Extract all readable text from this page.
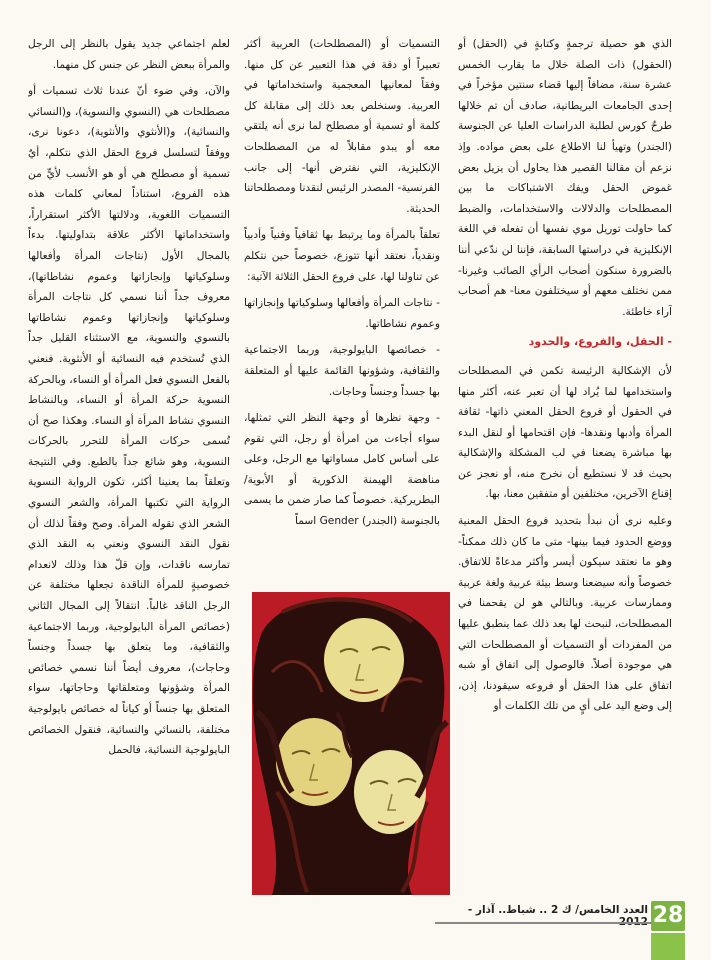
الذي هو حصيلة ترجمةٍ وكتابةٍ في (الحقل) أو (الحقول) ذات الصلة خلال ما يقارب الخمس عشرة سنة، مضافاً إليها قضاء سنتين مؤخراً في إحدى الجامعات البريطانية، صادف أن تم خلالها طرحٌ كورس لطلبة الدراسات العليا عن الجنوسة (الجندر) وتهيأ لنا الاطلاع على بعض مواده. وإذ نزعم أن مقالنا القصير هذا يحاول أن يزيل بعض غموض الحقل ويفك الاشتباكات ما بين المصطلحات والدلالات والاستخدامات، والضبط كما حاولت توريل موي نفسها أن تفعله في اللغة الإنكليزية في دراستها السابقة، فإننا لن ندّعي أننا بالضرورة سنكون أصحاب الرأي الصائب وغيرنا- ممن نختلف معهم أو سيختلفون معنا- هم أصحاب آراء خاطئة.

- الحقل، والفروع، والحدود

لأن الإشكالية الرئيسة تكمن في المصطلحات واستخدامها لما يُراد لها أن تعبر عنه، أكثر منها في الحقول أو فروع الحقل المعني ذاتها- ثقافة المرأة وأدبها ونقدها- فإن اقتحامها أو لنقل البدء بها مباشرة يضعنا في لب المشكلة والإشكالية بحيث قد لا نستطيع أن نخرج منه، أو نعجز عن إقناع الآخرين، مختلفين أو متفقين معنا، بها.

وعليه نرى أن نبدأ بتحديد فروع الحقل المعنية ووضع الحدود فيما بينها- متى ما كان ذلك ممكناً- وهو ما نعتقد سيكون أيسر وأكثر مدعاةً للاتفاق. خصوصاً وأنه سيضعنا وسط بيئة عربية ولغة عربية وممارسات عربية. وبالتالي هو لن يقحمنا في المصطلحات، لنبحث لها بعد ذلك عما ينطبق عليها من المفردات أو التسميات أو المصطلحات التي هي موجودة أصلاً. فالوصول إلى اتفاق أو شبه اتفاق على هذا الحقل أو فروعه سيقودنا، إذن، إلى وضع اليد على أيٍ من تلك الكلمات أو

التسميات أو (المصطلحات) العربية أكثر تعبيراً أو دقة في هذا التعبير عن كل منها. وفقاً لمعانيها المعجمية واستخداماتها في العربية. وسنخلص بعد ذلك إلى مقابلة كل كلمة أو تسمية أو مصطلح لما نرى أنه يلتقي معه أو يبدو مقابلاً له من المصطلحات الإنكليزية، التي نفترض أنها- إلى جانب الفرنسية- المصدر الرئيس لنقدنا ومصطلحاتنا الحديثة.

تعلقاً بالمرأة وما يرتبط بها ثقافياً وفنياً وأدبياً ونقدياً، نعتقد أنها تتوزع، خصوصاً حين نتكلم عن تناولنا لها، على فروع الحقل الثلاثة الآتية:

- نتاجات المرأة وأفعالها وسلوكياتها وإنجازاتها وعموم نشاطاتها.

- خصائصها البايولوجية، وربما الاجتماعية والثقافية، وشؤونها القائمة عليها أو المتعلقة بها جسداً وجنساً وحاجات.

- وجهة نظرها أو وجهة النظر التي تمثلها، سواء أجاءت من امرأة أو رجل، التي تقوم على أساس كامل مساواتها مع الرجل، وعلى مناهضة الهيمنة الذكورية أو الأبوية/ البطريركية. خصوصاً كما صار ضمن ما يسمى بالجنوسة (الجندر) Gender اسماً

لعلم اجتماعي جديد يقول بالنظر إلى الرجل والمرأة ببعض النظر عن جنس كل منهما.

والآن، وفي ضوء أنّ عندنا ثلاث تسميات أو مصطلحات هي (النسوي والنسوية)، و(النسائي والنسائية)، و(الأنثوي والأنثوية)، دعونا نرى، ووفقاً لتسلسل فروع الحقل الذي نتكلم، أيٌ تسمية أو مصطلح هي أو هو الأنسب لأيٍّ من هذه الفروع، استناداً لمعاني كلمات هذه التسميات اللغوية، ودلالتها الأكثر استقراراً، واستخداماتها الأكثر علاقة بتداوليتها. بدءاً بالمجال الأول (نتاجات المرأة وأفعالها وسلوكياتها وإنجازاتها وعموم نشاطاتها)، معروف جداً أننا نسمي كل نتاجات المرأة وسلوكياتها وإنجازاتها وعموم نشاطاتها بالنسوي والنسوية، مع الاستثناء القليل جداً الذي تُستخدم فيه النسائية أو الأنثوية. فنعني بالفعل النسوي فعل المرأة أو النساء، وبالحركة النسوية حركة المرأة أو النساء، وبالنشاط النسوي نشاط المرأة أو النساء. وهكذا صح أن تُسمى حركات المرأة للتحرر بالحركات النسوية، وهو شائع جداً بالطبع. وفي النتيجة وتعلقاً بما يعنينا أكثر، تكون الرواية النسوية الرواية التي تكتبها المرأة، والشعر النسوي الشعر الذي تقوله المرأة. وصح وفقاً لذلك أن نقول النقد النسوي ونعني به النقد الذي تمارسه ناقدات، وإن قلّ هذا وذلك لانعدام خصوصيةٍ للمرأة الناقدة تجعلها مختلفة عن الرجل الناقد غالباً. انتقالاً إلى المجال الثاني (خصائص المرأة البايولوجية، وربما الاجتماعية والثقافية، وما يتعلق بها جسداً وجنساً وحاجات)، معروف أيضاً أننا نسمي خصائص المرأة وشؤونها ومتعلقاتها وحاجاتها، سواء المتعلق بها جنساً أو كياناً له خصائص بايولوجية مختلفة، بالنسائي والنسائية، فنقول الخصائص البايولوجية النسائية، فالحمل

العدد الخامس/ ك 2 .. شباط.. آذار -	28
